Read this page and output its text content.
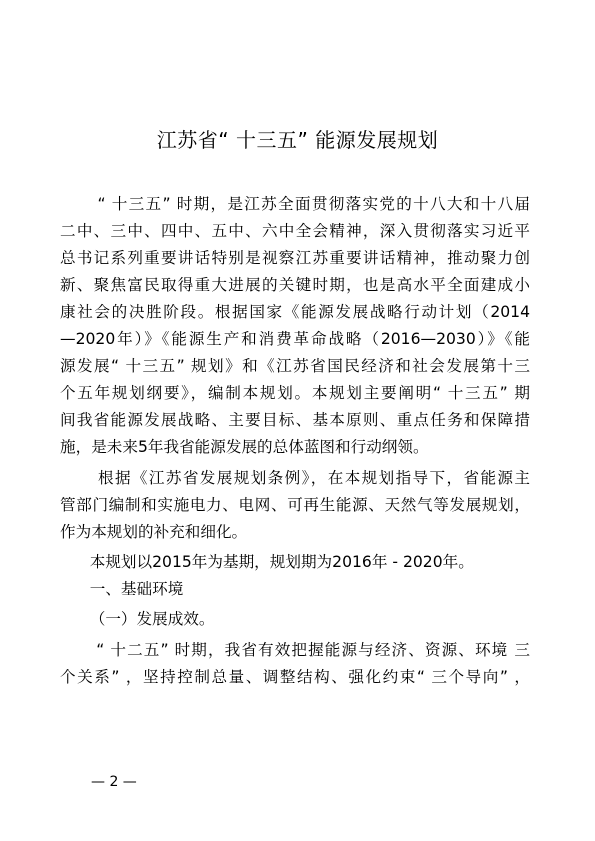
江苏省“ 十三五” 能源发展规划
“ 十三五” 时期，是江苏全面贯彻落实党的十八大和十八届
二中、三中、四中、五中、六中全会精神，深入贯彻落实习近平
总书记系列重要讲话特别是视察江苏重要讲话精神，推动聚力创
新、聚焦富民取得重大进展的关键时期，也是高水平全面建成小
康社会的决胜阶段。根据国家《能源发展战略行动计划（2014
—2020年）》《能源生产和消费革命战略（2016—2030）》《能
源发展“ 十三五” 规划》和《江苏省国民经济和社会发展第十三
个五年规划纲要》，编制本规划。本规划主要阐明“ 十三五” 期
间我省能源发展战略、主要目标、基本原则、重点任务和保障措
施，是未来5年我省能源发展的总体蓝图和行动纲领。
根据《江苏省发展规划条例》，在本规划指导下，省能源主
管部门编制和实施电力、电网、可再生能源、天然气等发展规划，
作为本规划的补充和细化。
本规划以2015年为基期，规划期为2016年 - 2020年。
一、基础环境
（一）发展成效。
“ 十二五” 时期，我省有效把握能源与经济、资源、环境 三
个关系” ，坚持控制总量、调整结构、强化约束“ 三个导向” ，
— 2 —
